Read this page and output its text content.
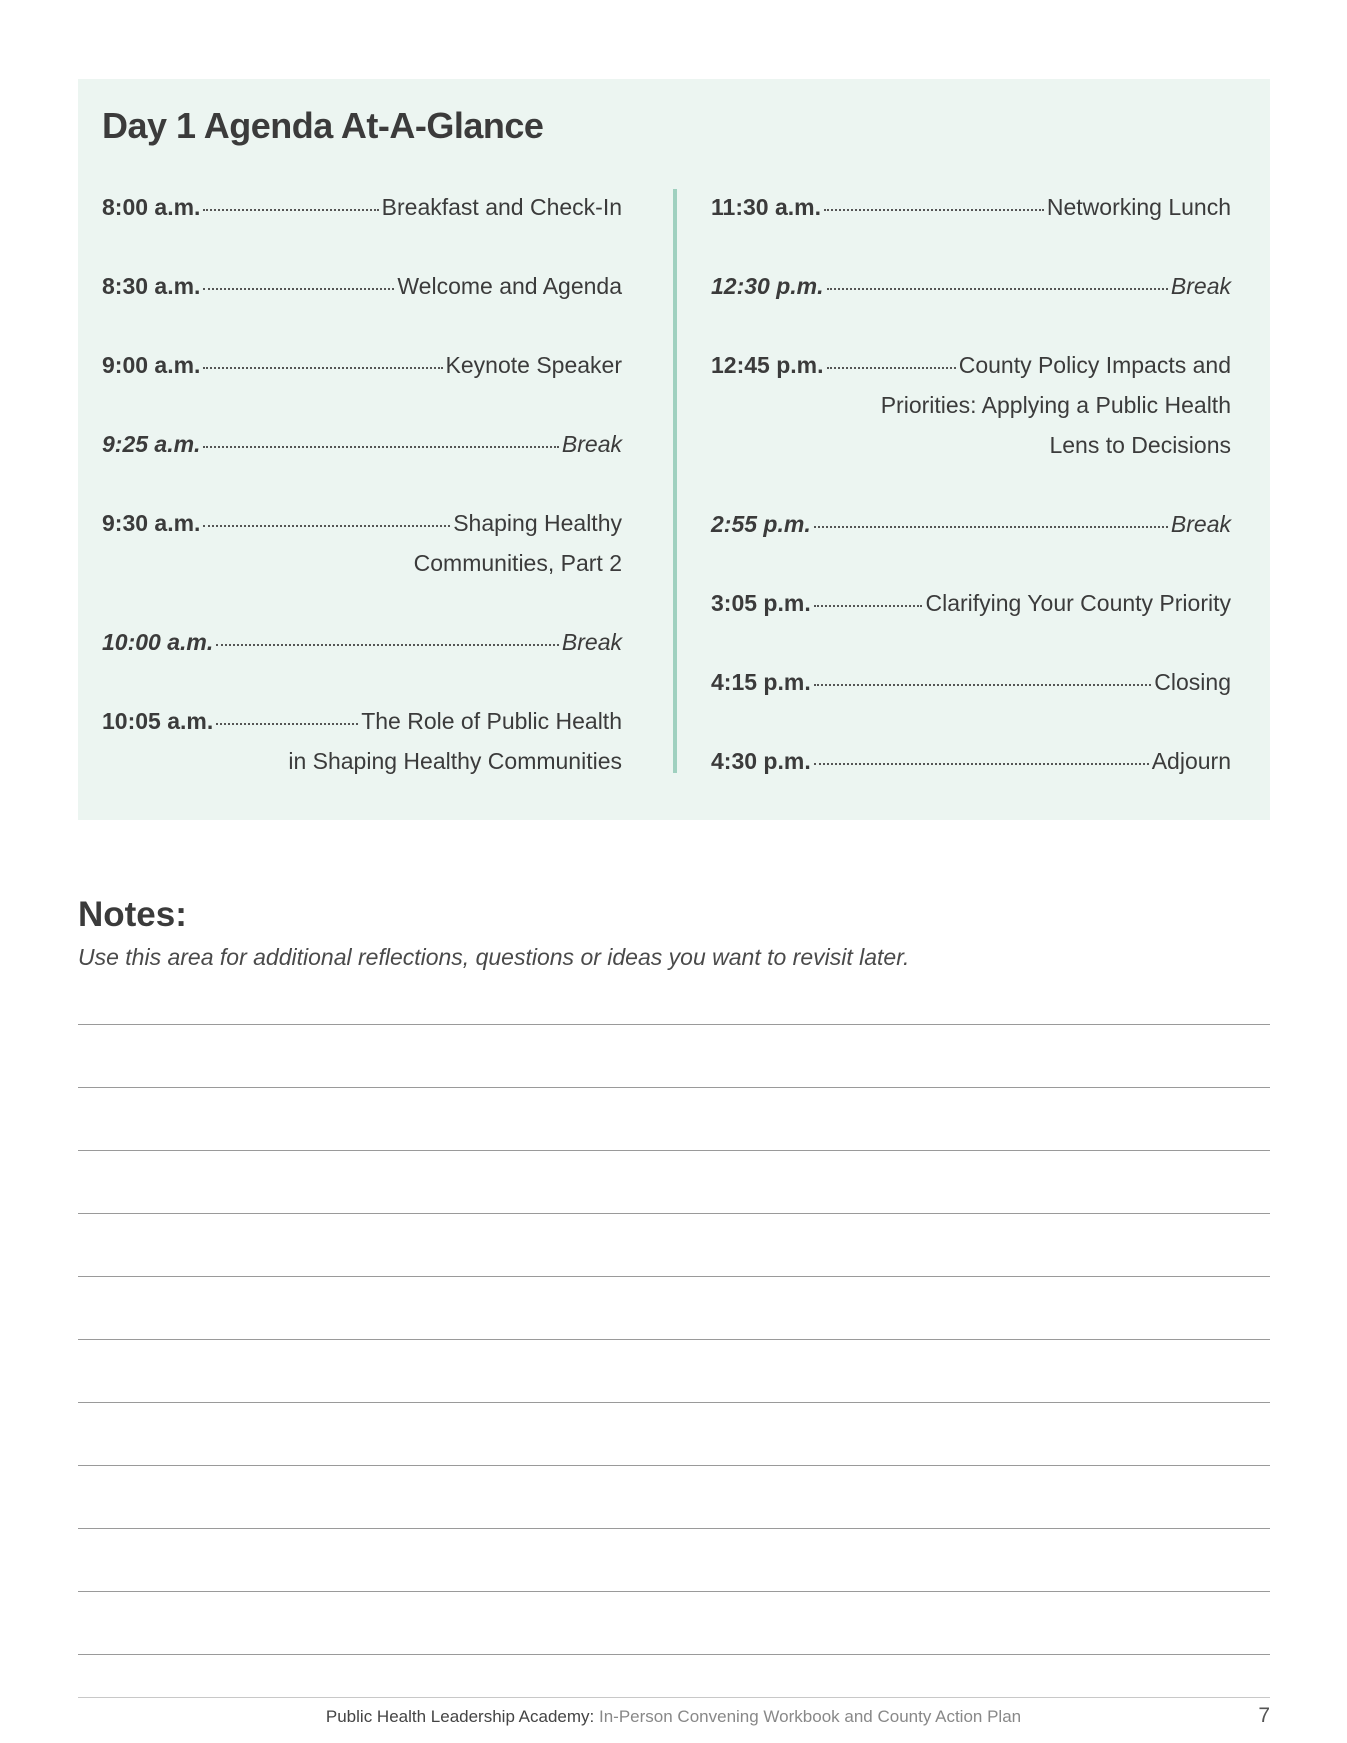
Day 1 Agenda At-A-Glance
8:00 a.m.	Breakfast and Check-In
8:30 a.m.	Welcome and Agenda
9:00 a.m.	Keynote Speaker
9:25 a.m.	Break
9:30 a.m.	Shaping Healthy
Communities, Part 2
10:00 a.m.	Break
10:05 a.m.	The Role of Public Health
in Shaping Healthy Communities
11:30 a.m.	Networking Lunch
12:30 p.m.	Break
12:45 p.m.	County Policy Impacts and
Priorities: Applying a Public Health
Lens to Decisions
2:55 p.m.	Break
3:05 p.m.	Clarifying Your County Priority
4:15 p.m.	Closing
4:30 p.m.	Adjourn
Notes:

Use this area for additional reflections, questions or ideas you want to revisit later.

Public Health Leadership Academy: In-Person Convening Workbook and County Action Plan	7
